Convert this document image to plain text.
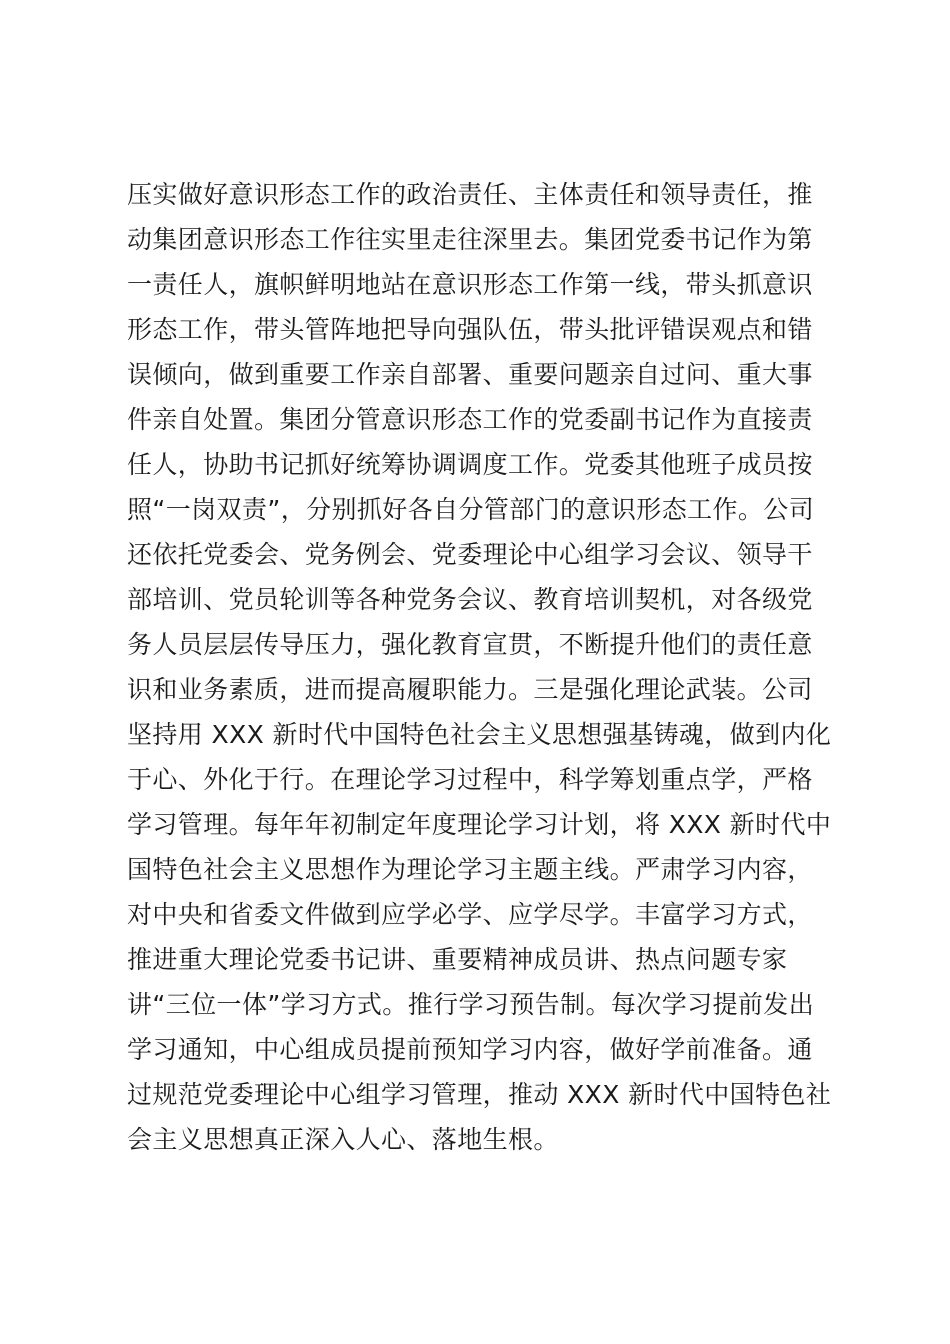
压实做好意识形态工作的政治责任、主体责任和领导责任，推
动集团意识形态工作往实里走往深里去。集团党委书记作为第
一责任人，旗帜鲜明地站在意识形态工作第一线，带头抓意识
形态工作，带头管阵地把导向强队伍，带头批评错误观点和错
误倾向，做到重要工作亲自部署、重要问题亲自过问、重大事
件亲自处置。集团分管意识形态工作的党委副书记作为直接责
任人，协助书记抓好统筹协调调度工作。党委其他班子成员按
照“一岗双责”，分别抓好各自分管部门的意识形态工作。公司
还依托党委会、党务例会、党委理论中心组学习会议、领导干
部培训、党员轮训等各种党务会议、教育培训契机，对各级党
务人员层层传导压力，强化教育宣贯，不断提升他们的责任意
识和业务素质，进而提高履职能力。三是强化理论武装。公司
坚持用 XXX 新时代中国特色社会主义思想强基铸魂，做到内化
于心、外化于行。在理论学习过程中，科学筹划重点学，严格
学习管理。每年年初制定年度理论学习计划，将 XXX 新时代中
国特色社会主义思想作为理论学习主题主线。严肃学习内容，
对中央和省委文件做到应学必学、应学尽学。丰富学习方式，
推进重大理论党委书记讲、重要精神成员讲、热点问题专家
讲“三位一体”学习方式。推行学习预告制。每次学习提前发出
学习通知，中心组成员提前预知学习内容，做好学前准备。通
过规范党委理论中心组学习管理，推动 XXX 新时代中国特色社
会主义思想真正深入人心、落地生根。
